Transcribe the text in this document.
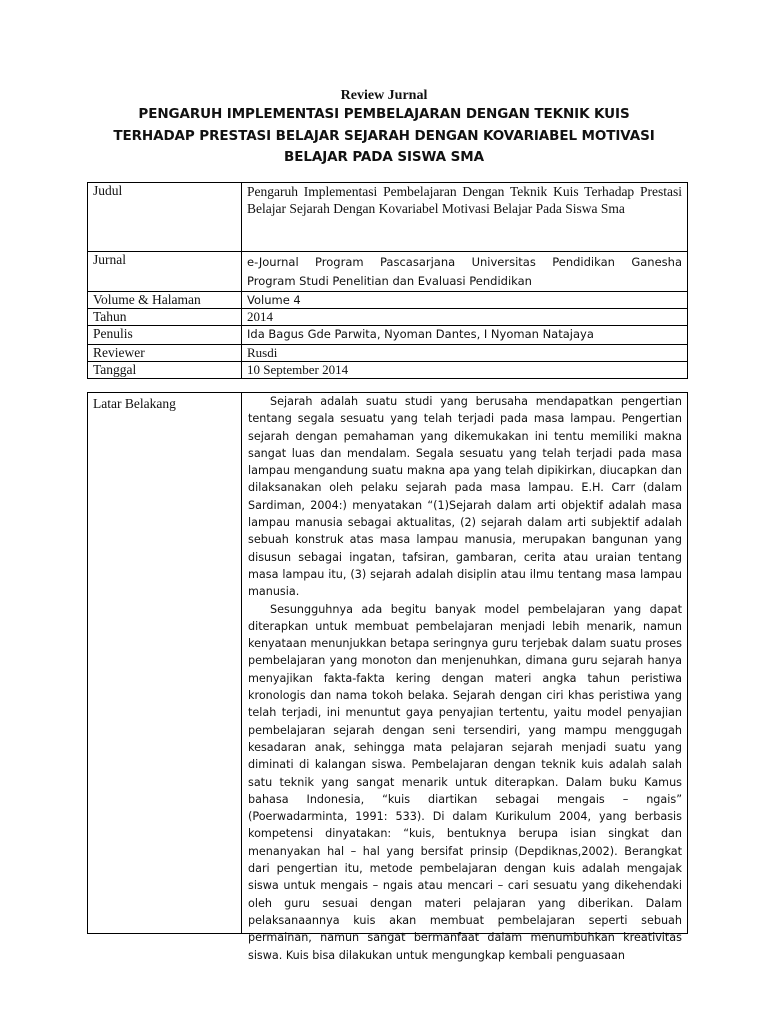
Review Jurnal
PENGARUH IMPLEMENTASI PEMBELAJARAN DENGAN TEKNIK KUIS
TERHADAP PRESTASI BELAJAR SEJARAH DENGAN KOVARIABEL MOTIVASI
BELAJAR PADA SISWA SMA
Judul	Pengaruh Implementasi Pembelajaran Dengan Teknik Kuis Terhadap Prestasi Belajar Sejarah Dengan Kovariabel Motivasi Belajar Pada Siswa Sma
Jurnal	e-Journal Program Pascasarjana Universitas Pendidikan Ganesha
Program Studi Penelitian dan Evaluasi Pendidikan

Volume & Halaman	Volume 4
Tahun	2014
Penulis	Ida Bagus Gde Parwita, Nyoman Dantes, I Nyoman Natajaya
Reviewer	Rusdi
Tanggal	10 September 2014
Latar Belakang	Sejarah adalah suatu studi yang berusaha mendapatkan pengertian tentang segala sesuatu yang telah terjadi pada masa lampau. Pengertian sejarah dengan pemahaman yang dikemukakan ini tentu memiliki makna sangat luas dan mendalam. Segala sesuatu yang telah terjadi pada masa lampau mengandung suatu makna apa yang telah dipikirkan, diucapkan dan dilaksanakan oleh pelaku sejarah pada masa lampau. E.H. Carr (dalam Sardiman, 2004:) menyatakan “(1)Sejarah dalam arti objektif adalah masa lampau manusia sebagai aktualitas, (2) sejarah dalam arti subjektif adalah sebuah konstruk atas masa lampau manusia, merupakan bangunan yang disusun sebagai ingatan, tafsiran, gambaran, cerita atau uraian tentang masa lampau itu, (3) sejarah adalah disiplin atau ilmu tentang masa lampau manusia.

Sesungguhnya ada begitu banyak model pembelajaran yang dapat diterapkan untuk membuat pembelajaran menjadi lebih menarik, namun kenyataan menunjukkan betapa seringnya guru terjebak dalam suatu proses pembelajaran yang monoton dan menjenuhkan, dimana guru sejarah hanya menyajikan fakta-fakta kering dengan materi angka tahun peristiwa kronologis dan nama tokoh belaka. Sejarah dengan ciri khas peristiwa yang telah terjadi, ini menuntut gaya penyajian tertentu, yaitu model penyajian pembelajaran sejarah dengan seni tersendiri, yang mampu menggugah kesadaran anak, sehingga mata pelajaran sejarah menjadi suatu yang diminati di kalangan siswa. Pembelajaran dengan teknik kuis adalah salah satu teknik yang sangat menarik untuk diterapkan. Dalam buku Kamus bahasa Indonesia, “kuis diartikan sebagai mengais – ngais” (Poerwadarminta, 1991: 533). Di dalam Kurikulum 2004, yang berbasis kompetensi dinyatakan: “kuis, bentuknya berupa isian singkat dan menanyakan hal – hal yang bersifat prinsip (Depdiknas,2002). Berangkat dari pengertian itu, metode pembelajaran dengan kuis adalah mengajak siswa untuk mengais – ngais atau mencari – cari sesuatu yang dikehendaki oleh guru sesuai dengan materi pelajaran yang diberikan. Dalam pelaksanaannya kuis akan membuat pembelajaran seperti sebuah permainan, namun sangat bermanfaat dalam menumbuhkan kreativitas siswa. Kuis bisa dilakukan untuk mengungkap kembali penguasaan
